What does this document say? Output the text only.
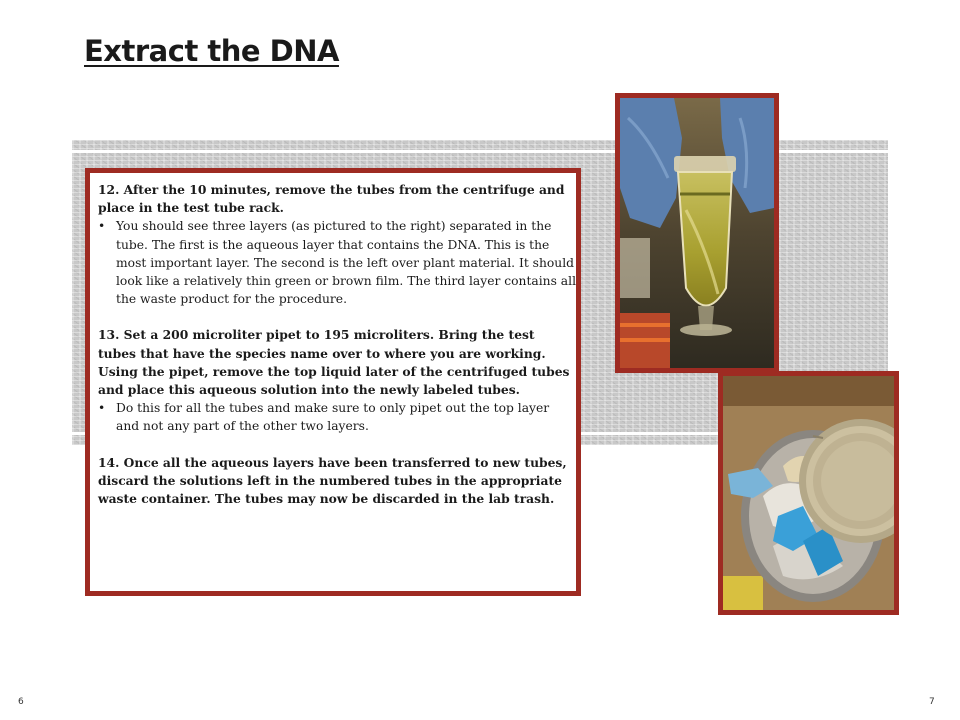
Extract the DNA

12. After the 10 minutes, remove the tubes from the centrifuge and place in the test tube rack.

• You should see three layers (as pictured to the right) separated in the tube. The first is the aqueous layer that contains the DNA. This is the most important layer. The second is the left over plant material. It should look like a relatively thin green or brown film. The third layer contains all the waste product for the procedure.

13. Set a 200 microliter pipet to 195 microliters. Bring the test tubes that have the species name over to where you are working. Using the pipet, remove the top liquid later of the centrifuged tubes and place this aqueous solution into the newly labeled tubes.

• Do this for all the tubes and make sure to only pipet out the top layer and not any part of the other two layers.

14. Once all the aqueous layers have been transferred to new tubes, discard the solutions left in the numbered tubes in the appropriate waste container. The tubes may now be discarded in the lab trash.

6	7
